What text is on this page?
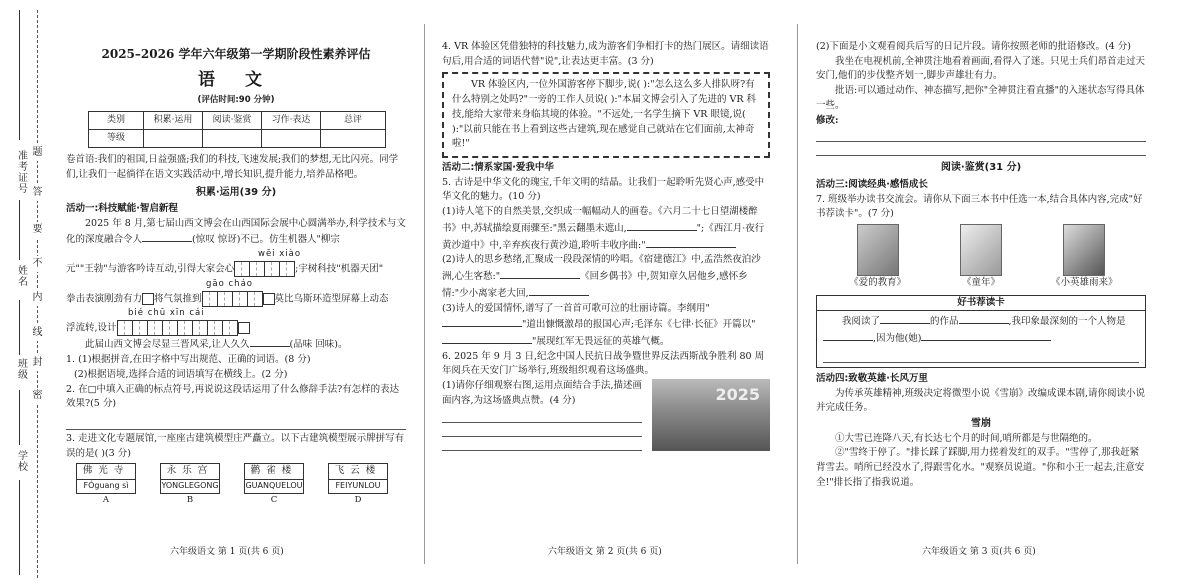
准考证号
姓名
班级
学校
题
答
要
不
内
线
封
密

2025–2026 学年六年级第一学期阶段性素养评估

语 文

(评估时间:90 分钟)

类别	积累·运用	阅读·鉴赏	习作·表达	总评
等级				

卷首语:我们的祖国,日益强盛;我们的科技,飞速发展;我们的梦想,无比闪亮。同学们,让我们一起徜徉在语文实践活动中,增长知识,提升能力,培养品格吧。

积累·运用(39 分)

活动一:科技赋能·智启新程

2025 年 8 月,第七届山西文博会在山西国际会展中心圆满举办,科学技术与文化的深度融合令人	(惊叹 惊讶)不已。仿生机器人"柳宗

wēi xiào

元""王勃"与游客吟诗互动,引得大家会心	;宇树科技"机器天团"

gāo cháo

拳击表演刚劲有力 将气氛推到	莫比乌斯环造型屏幕上动态

bié chū xīn cái

浮流转,设计

此届山西文博会尽显三晋风采,让人久久	(品味 回味)。

1. (1)根据拼音,在田字格中写出规范、正确的词语。(8 分)

(2)根据语境,选择合适的词语填写在横线上。(2 分)

2. 在□中填入正确的标点符号,再说说这段话运用了什么修辞手法?有怎样的表达效果?(5 分)

3. 走进文化专题展馆,一座座古建筑模型庄严矗立。以下古建筑模型展示牌拼写有误的是( )(3 分)

佛光寺
FÓguang sì
A
永乐宫
YONGLEGONG
B
鹳雀楼
GUANQUELOU
C
飞云楼
FEIYUNLOU
D
六年级语文 第 1 页(共 6 页)

4. VR 体验区凭借独特的科技魅力,成为游客们争相打卡的热门展区。请细读语句后,用合适的词语代替"说",让表达更丰富。(3 分)

VR 体验区内,一位外国游客停下脚步,说( ):"怎么这么多人排队呀?有什么特别之处吗?"一旁的工作人员说( ):"本届文博会引入了先进的 VR 科技,能给大家带来身临其境的体验。"不远处,一名学生摘下 VR 眼镜,说( ):"以前只能在书上看到这些古建筑,现在感觉自己就站在它们面前,太神奇啦!"

活动二:情系家国·爱我中华

5. 古诗是中华文化的瑰宝,千年文明的结晶。让我们一起聆听先贤心声,感受中华文化的魅力。(10 分)

(1)诗人笔下的自然美景,交织成一幅幅动人的画卷。《六月二十七日望湖楼醉书》中,苏轼描绘夏雨骤至:"黑云翻墨未遮山,	";《西江月·夜行黄沙道中》中,辛弃疾夜行黄沙道,聆听丰收序曲:"

(2)诗人的思乡愁绪,汇聚成一段段深情的吟唱。《宿建德江》中,孟浩然夜泊沙洲,心生客愁:"	《回乡偶书》中,贺知章久居他乡,感怀乡情:"少小离家老大回,

(3)诗人的爱国情怀,谱写了一首首可歌可泣的壮丽诗篇。李纲用""道出慷慨激昂的报国心声;毛泽东《七律·长征》开篇以""展现红军无畏远征的英雄气概。

6. 2025 年 9 月 3 日,纪念中国人民抗日战争暨世界反法西斯战争胜利 80 周年阅兵在天安门广场举行,班级组织观看这场盛典。

(1)请你仔细观察右图,运用点面结合手法,描述画面内容,为这场盛典点赞。(4 分)	2025
六年级语文 第 2 页(共 6 页)

(2)下面是小文观看阅兵后写的日记片段。请你按照老师的批语修改。(4 分)

我坐在电视机前,全神贯注地看着画面,看得入了迷。只见士兵们昂首走过天安门,他们的步伐整齐划一,脚步声雄壮有力。

批语:可以通过动作、神态描写,把你"全神贯注看直播"的入迷状态写得具体一些。

修改:

阅读·鉴赏(31 分)

活动三:阅读经典·感悟成长

7. 班级举办读书交流会。请你从下面三本书中任选一本,结合具体内容,完成"好书荐读卡"。(7 分)

《爱的教育》	《童年》	《小英雄雨来》
好书荐读卡

我阅读了	的作品	,我印象最深刻的一个人物是,因为他(她)

活动四:致敬英雄·长风万里

为传承英雄精神,班级决定将微型小说《雪崩》改编成课本剧,请你阅读小说并完成任务。

雪崩

①大雪已连降八天,有长达七个月的时间,哨所都是与世隔绝的。

②"雪终于停了。"排长踩了踩脚,用力搓着发红的双手。"雪停了,那我赶紧背雪去。哨所已经没水了,得跟雪化水。"观察员说道。"你和小王一起去,注意安全!"排长指了指我说道。

六年级语文 第 3 页(共 6 页)
